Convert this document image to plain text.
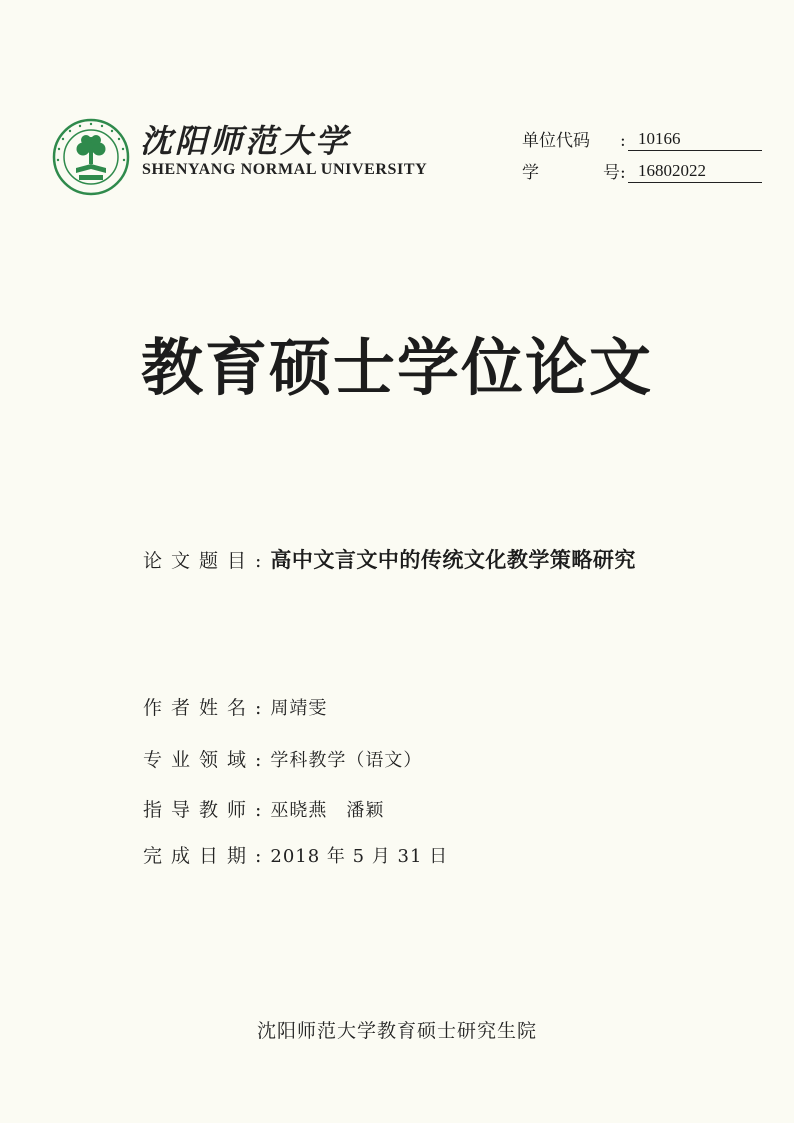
沈阳师范大学
SHENYANG NORMAL UNIVERSITY
单位代码	: 10166
学	号 : 16802022
教育硕士学位论文
论文题目: 高中文言文中的传统文化教学策略研究
作者姓名: 周靖雯
专业领域: 学科教学（语文）
指导教师: 巫晓燕　潘颖
完成日期: 2018 年 5 月 31 日
沈阳师范大学教育硕士研究生院
